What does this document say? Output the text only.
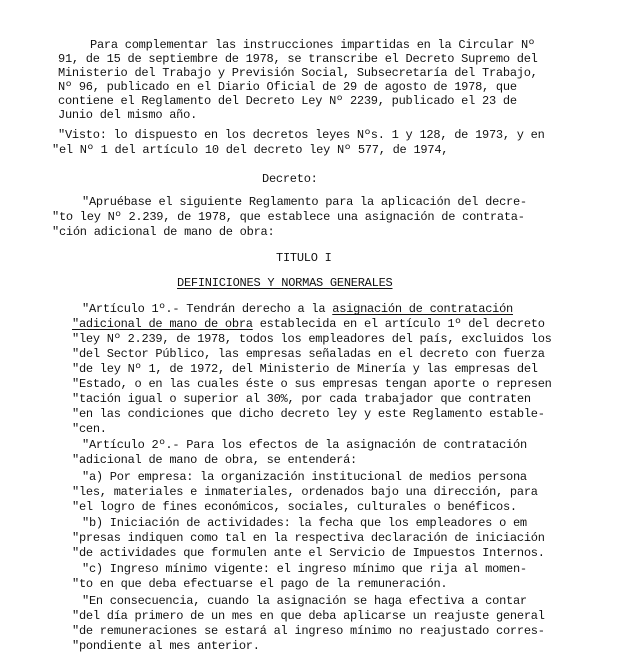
Para complementar las instrucciones impartidas en la Circular Nº
91, de 15 de septiembre de 1978, se transcribe el Decreto Supremo del
Ministerio del Trabajo y Previsión Social, Subsecretaría del Trabajo,
Nº 96, publicado en el Diario Oficial de 29 de agosto de 1978, que
contiene el Reglamento del Decreto Ley Nº 2239, publicado el 23 de
Junio del mismo año.
"Visto: lo dispuesto en los decretos leyes Nºs. 1 y 128, de 1973, y en
"el Nº 1 del artículo 10 del decreto ley Nº 577, de 1974,
Decreto:
"Apruébase el siguiente Reglamento para la aplicación del decre-
"to ley Nº 2.239, de 1978, que establece una asignación de contrata-
"ción adicional de mano de obra:
TITULO I
DEFINICIONES Y NORMAS GENERALES
"Artículo 1º.- Tendrán derecho a la asignación de contratación
"adicional de mano de obra establecida en el artículo 1º del decreto
"ley Nº 2.239, de 1978, todos los empleadores del país, excluidos los
"del Sector Público, las empresas señaladas en el decreto con fuerza
"de ley Nº 1, de 1972, del Ministerio de Minería y las empresas del
"Estado, o en las cuales éste o sus empresas tengan aporte o represen
"tación igual o superior al 30%, por cada trabajador que contraten
"en las condiciones que dicho decreto ley y este Reglamento estable-
"cen.
"Artículo 2º.- Para los efectos de la asignación de contratación
"adicional de mano de obra, se entenderá:
"a) Por empresa: la organización institucional de medios persona
"les, materiales e inmateriales, ordenados bajo una dirección, para
"el logro de fines económicos, sociales, culturales o benéficos.
"b) Iniciación de actividades: la fecha que los empleadores o em
"presas indiquen como tal en la respectiva declaración de iniciación
"de actividades que formulen ante el Servicio de Impuestos Internos.
"c) Ingreso mínimo vigente: el ingreso mínimo que rija al momen-
"to en que deba efectuarse el pago de la remuneración.
"En consecuencia, cuando la asignación se haga efectiva a contar
"del día primero de un mes en que deba aplicarse un reajuste general
"de remuneraciones se estará al ingreso mínimo no reajustado corres-
"pondiente al mes anterior.
